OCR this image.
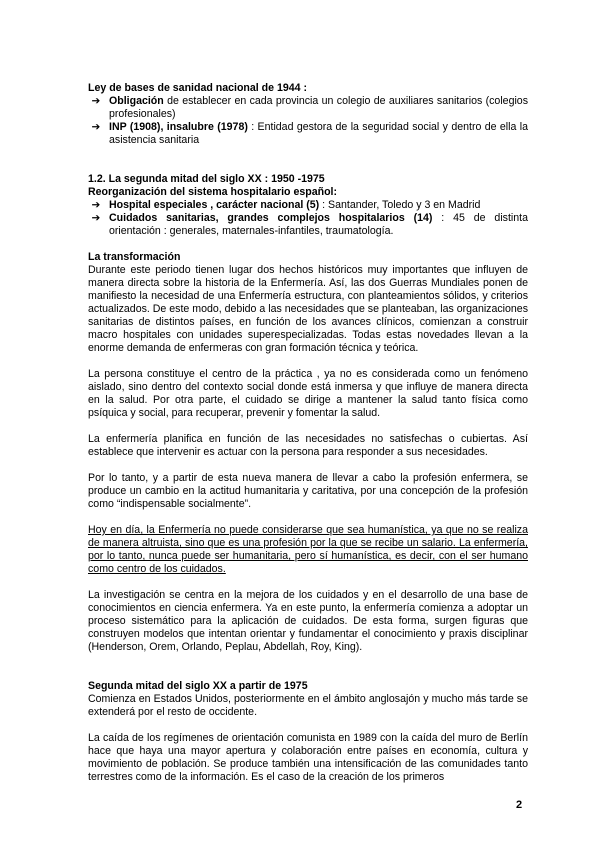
Ley de bases de sanidad nacional de 1944 :

➔ Obligación de establecer en cada provincia un colegio de auxiliares sanitarios (colegios profesionales)

➔ INP (1908), insalubre (1978) : Entidad gestora de la seguridad social y dentro de ella la asistencia sanitaria

1.2. La segunda mitad del siglo XX : 1950 -1975

Reorganización del sistema hospitalario español:

➔ Hospital especiales , carácter nacional (5) : Santander, Toledo y 3 en Madrid

➔ Cuidados sanitarias, grandes complejos hospitalarios (14) : 45 de distinta orientación : generales, maternales-infantiles, traumatología.

La transformación

Durante este periodo tienen lugar dos hechos históricos muy importantes que influyen de manera directa sobre la historia de la Enfermería. Así, las dos Guerras Mundiales ponen de manifiesto la necesidad de una Enfermería estructura, con planteamientos sólidos, y criterios actualizados. De este modo, debido a las necesidades que se planteaban, las organizaciones sanitarias de distintos países, en función de los avances clínicos, comienzan a construir macro hospitales con unidades superespecializadas. Todas estas novedades llevan a la enorme demanda de enfermeras con gran formación técnica y teórica.

La persona constituye el centro de la práctica , ya no es considerada como un fenómeno aislado, sino dentro del contexto social donde está inmersa y que influye de manera directa en la salud. Por otra parte, el cuidado se dirige a mantener la salud tanto física como psíquica y social, para recuperar, prevenir y fomentar la salud.

La enfermería planifica en función de las necesidades no satisfechas o cubiertas. Así establece que intervenir es actuar con la persona para responder a sus necesidades.

Por lo tanto, y a partir de esta nueva manera de llevar a cabo la profesión enfermera, se produce un cambio en la actitud humanitaria y caritativa, por una concepción de la profesión como “indispensable socialmente”.

Hoy en día, la Enfermería no puede considerarse que sea humanística, ya que no se realiza de manera altruista, sino que es una profesión por la que se recibe un salario. La enfermería, por lo tanto, nunca puede ser humanitaria, pero sí humanística, es decir, con el ser humano como centro de los cuidados.

La investigación se centra en la mejora de los cuidados y en el desarrollo de una base de conocimientos en ciencia enfermera. Ya en este punto, la enfermería comienza a adoptar un proceso sistemático para la aplicación de cuidados. De esta forma, surgen figuras que construyen modelos que intentan orientar y fundamentar el conocimiento y praxis disciplinar (Henderson, Orem, Orlando, Peplau, Abdellah, Roy, King).

Segunda mitad del siglo XX a partir de 1975

Comienza en Estados Unidos, posteriormente en el ámbito anglosajón y mucho más tarde se extenderá por el resto de occidente.

La caída de los regímenes de orientación comunista en 1989 con la caída del muro de Berlín hace que haya una mayor apertura y colaboración entre países en economía, cultura y movimiento de población. Se produce también una intensificación de las comunidades tanto terrestres como de la información. Es el caso de la creación de los primeros

2
